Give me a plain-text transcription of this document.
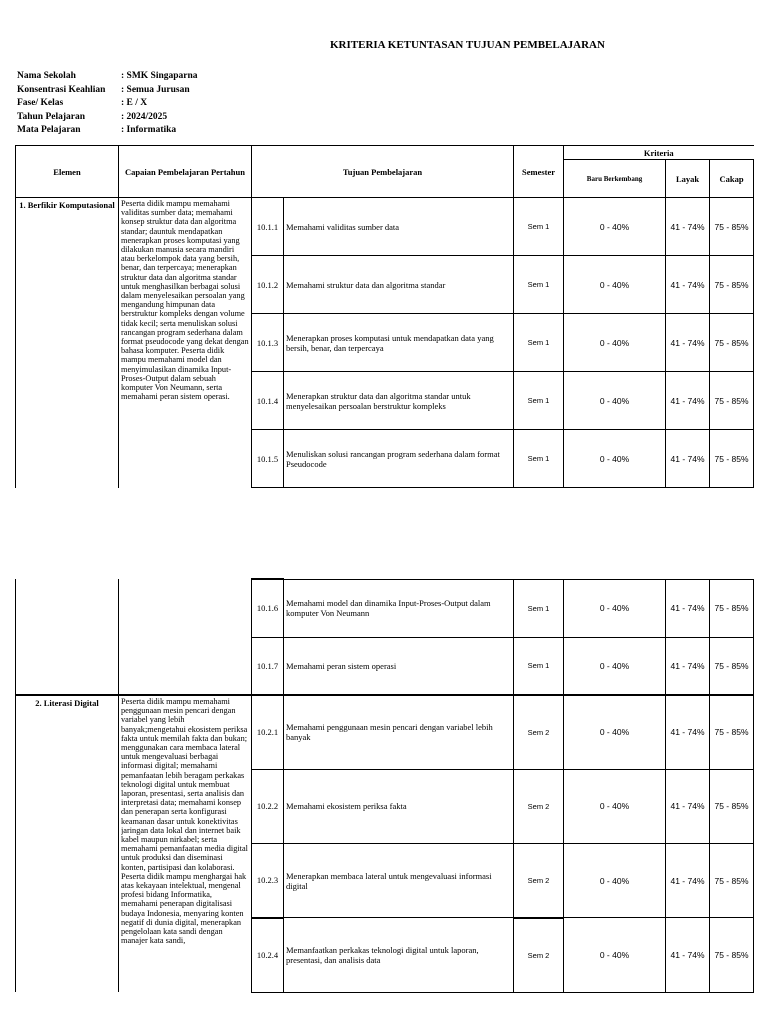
KRITERIA KETUNTASAN TUJUAN PEMBELAJARAN
Nama Sekolah	: SMK Singaparna
Konsentrasi Keahlian	: Semua Jurusan
Fase/ Kelas	: E / X
Tahun Pelajaran	: 2024/2025
Mata Pelajaran	: Informatika
Elemen	Capaian Pembelajaran Pertahun	Tujuan Pembelajaran		Semester	Kriteria		
					Baru Berkembang	Layak	Cakap
1. Berfikir Komputasional	Peserta didik mampu memahami validitas sumber data; memahami konsep struktur data dan algoritma standar; dauntuk mendapatkan menerapkan proses komputasi yang dilakukan manusia secara mandiri atau berkelompok data yang bersih, benar, dan terpercaya; menerapkan struktur data dan algoritma standar untuk menghasilkan berbagai solusi dalam menyelesaikan persoalan yang mengandung himpunan data berstruktur kompleks dengan volume tidak kecil; serta menuliskan solusi rancangan program sederhana dalam format pseudocode yang dekat dengan bahasa komputer. Peserta didik mampu memahami model dan menyimulasikan dinamika Input-Proses-Output dalam sebuah komputer Von Neumann, serta memahami peran sistem operasi.	10.1.1	Memahami validitas sumber data	Sem 1	0 - 40%	41 - 74%	75 - 85%
		10.1.2	Memahami struktur data dan algoritma standar	Sem 1	0 - 40%	41 - 74%	75 - 85%
		10.1.3	Menerapkan proses komputasi untuk mendapatkan data yang bersih, benar, dan terpercaya	Sem 1	0 - 40%	41 - 74%	75 - 85%
		10.1.4	Menerapkan struktur data dan algoritma standar untuk menyelesaikan persoalan berstruktur kompleks	Sem 1	0 - 40%	41 - 74%	75 - 85%
		10.1.5	Menuliskan solusi rancangan program sederhana dalam format Pseudocode	Sem 1	0 - 40%	41 - 74%	75 - 85%
		10.1.6	Memahami model dan dinamika Input-Proses-Output dalam komputer Von Neumann	Sem 1	0 - 40%	41 - 74%	75 - 85%
		10.1.7	Memahami peran sistem operasi	Sem 1	0 - 40%	41 - 74%	75 - 85%
2. Literasi Digital	Peserta didik mampu memahami penggunaan mesin pencari dengan variabel yang lebih banyak;mengetahui ekosistem periksa fakta untuk memilah fakta dan bukan; menggunakan cara membaca lateral untuk mengevaluasi berbagai informasi digital; memahami pemanfaatan lebih beragam perkakas teknologi digital untuk membuat laporan, presentasi, serta analisis dan interpretasi data; memahami konsep dan penerapan serta konfigurasi keamanan dasar untuk konektivitas jaringan data lokal dan internet baik kabel maupun nirkabel; serta memahami pemanfaatan media digital untuk produksi dan diseminasi konten, partisipasi dan kolaborasi. Peserta didik mampu menghargai hak atas kekayaan intelektual, mengenal profesi bidang Informatika, memahami penerapan digitalisasi budaya Indonesia, menyaring konten negatif di dunia digital, menerapkan pengelolaan kata sandi dengan manajer kata sandi,	10.2.1	Memahami penggunaan mesin pencari dengan variabel lebih banyak	Sem 2	0 - 40%	41 - 74%	75 - 85%
		10.2.2	Memahami ekosistem periksa fakta	Sem 2	0 - 40%	41 - 74%	75 - 85%
		10.2.3	Menerapkan membaca lateral untuk mengevaluasi informasi digital	Sem 2	0 - 40%	41 - 74%	75 - 85%
		10.2.4	Memanfaatkan perkakas teknologi digital untuk laporan, presentasi, dan analisis data	Sem 2	0 - 40%	41 - 74%	75 - 85%
